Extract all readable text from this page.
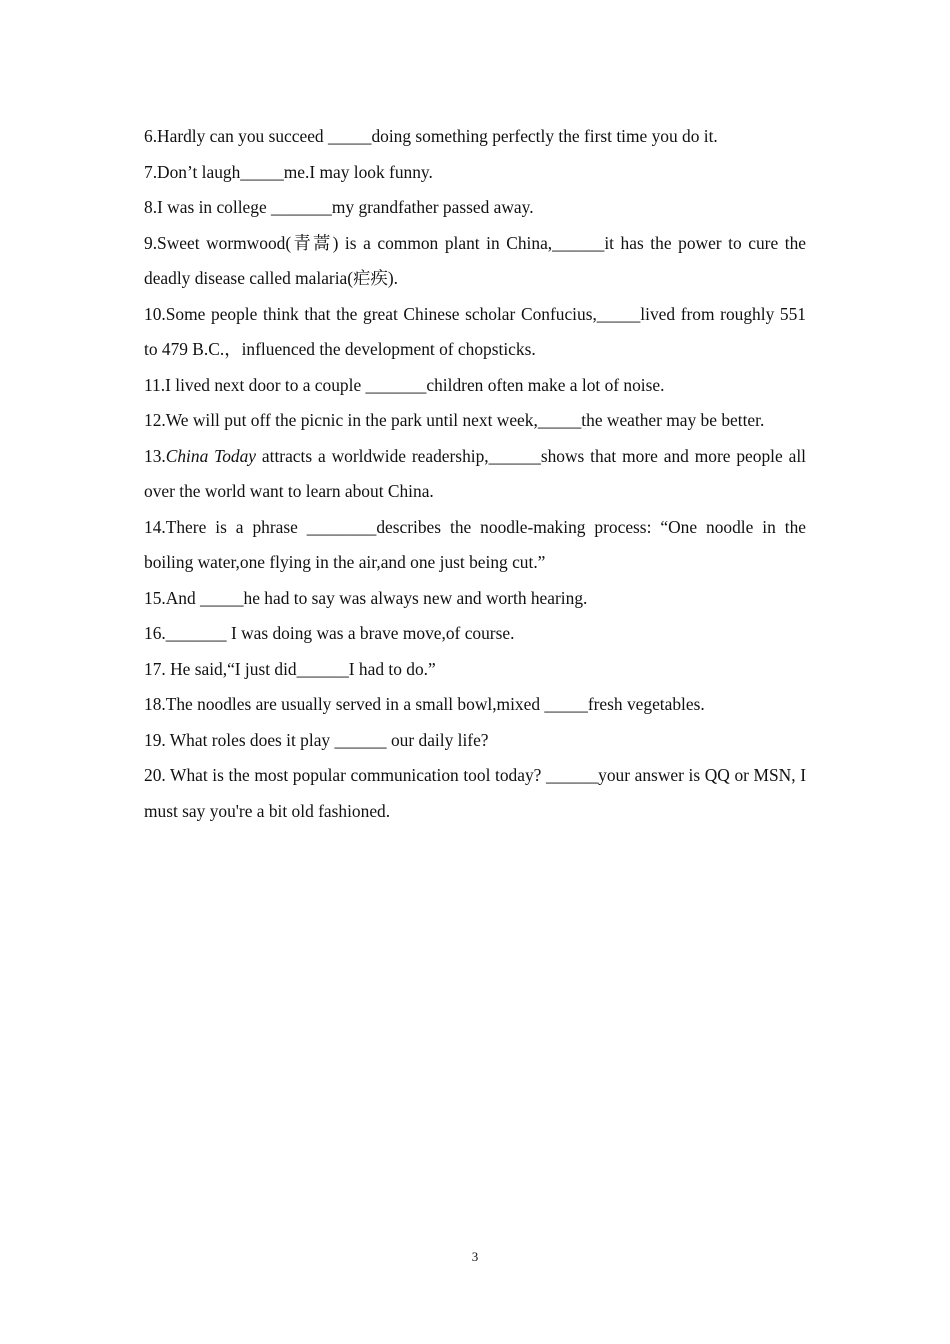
6.Hardly can you succeed _____doing something perfectly the first time you do it.

7.Don’t laugh_____me.I may look funny.

8.I was in college _______my grandfather passed away.

9.Sweet wormwood(青蒿) is a common plant in China,______it has the power to cure the deadly disease called malaria(疟疾).

10.Some people think that the great Chinese scholar Confucius,_____lived from roughly 551 to 479 B.C.，influenced the development of chopsticks.

11.I lived next door to a couple _______children often make a lot of noise.

12.We will put off the picnic in the park until next week,_____the weather may be better.

13.China Today attracts a worldwide readership,______shows that more and more people all over the world want to learn about China.

14.There is a phrase ________describes the noodle-making process: “One noodle in the boiling water,one flying in the air,and one just being cut.”

15.And _____he had to say was always new and worth hearing.

16._______ I was doing was a brave move,of course.

17. He said,“I just did______I had to do.”

18.The noodles are usually served in a small bowl,mixed _____fresh vegetables.

19. What roles does it play ______ our daily life?

20. What is the most popular communication tool today? ______your answer is QQ or MSN, I must say you're a bit old fashioned.

3
